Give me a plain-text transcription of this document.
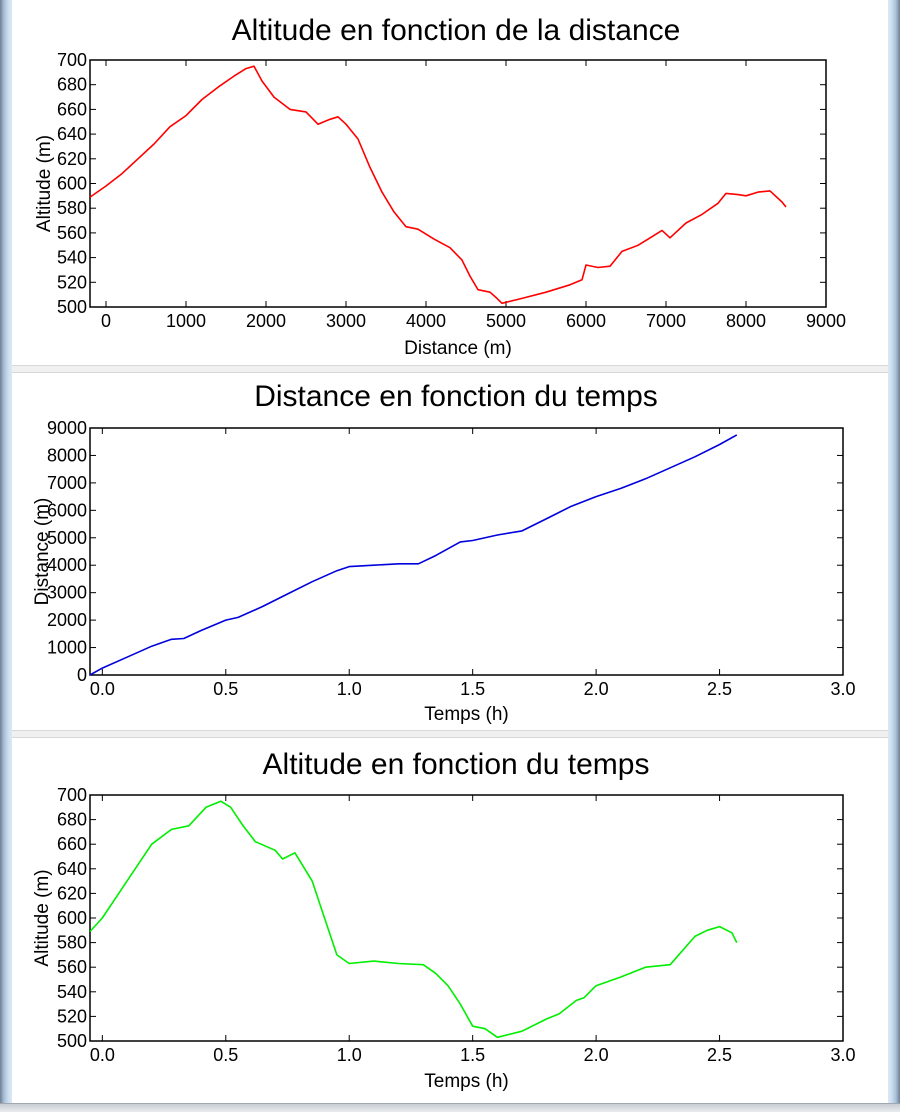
Altitude en fonction de la distance
0	1000 2000 3000 4000 5000 6000 7000 8000 9000
500
520
540
560
580
600
620
640
660
680
700
Distance (m)
Altitude (m)
Distance en fonction du temps
0.0	0.5	1.0	1.5	2.0	2.5	3.0
0
1000
2000
3000
4000
5000
6000
7000
8000
9000
Temps (h)
Distance (m)
Altitude en fonction du temps
0.0	0.5	1.0	1.5	2.0	2.5	3.0
500
520
540
560
580
600
620
640
660
680
700
Temps (h)
Altitude (m)
